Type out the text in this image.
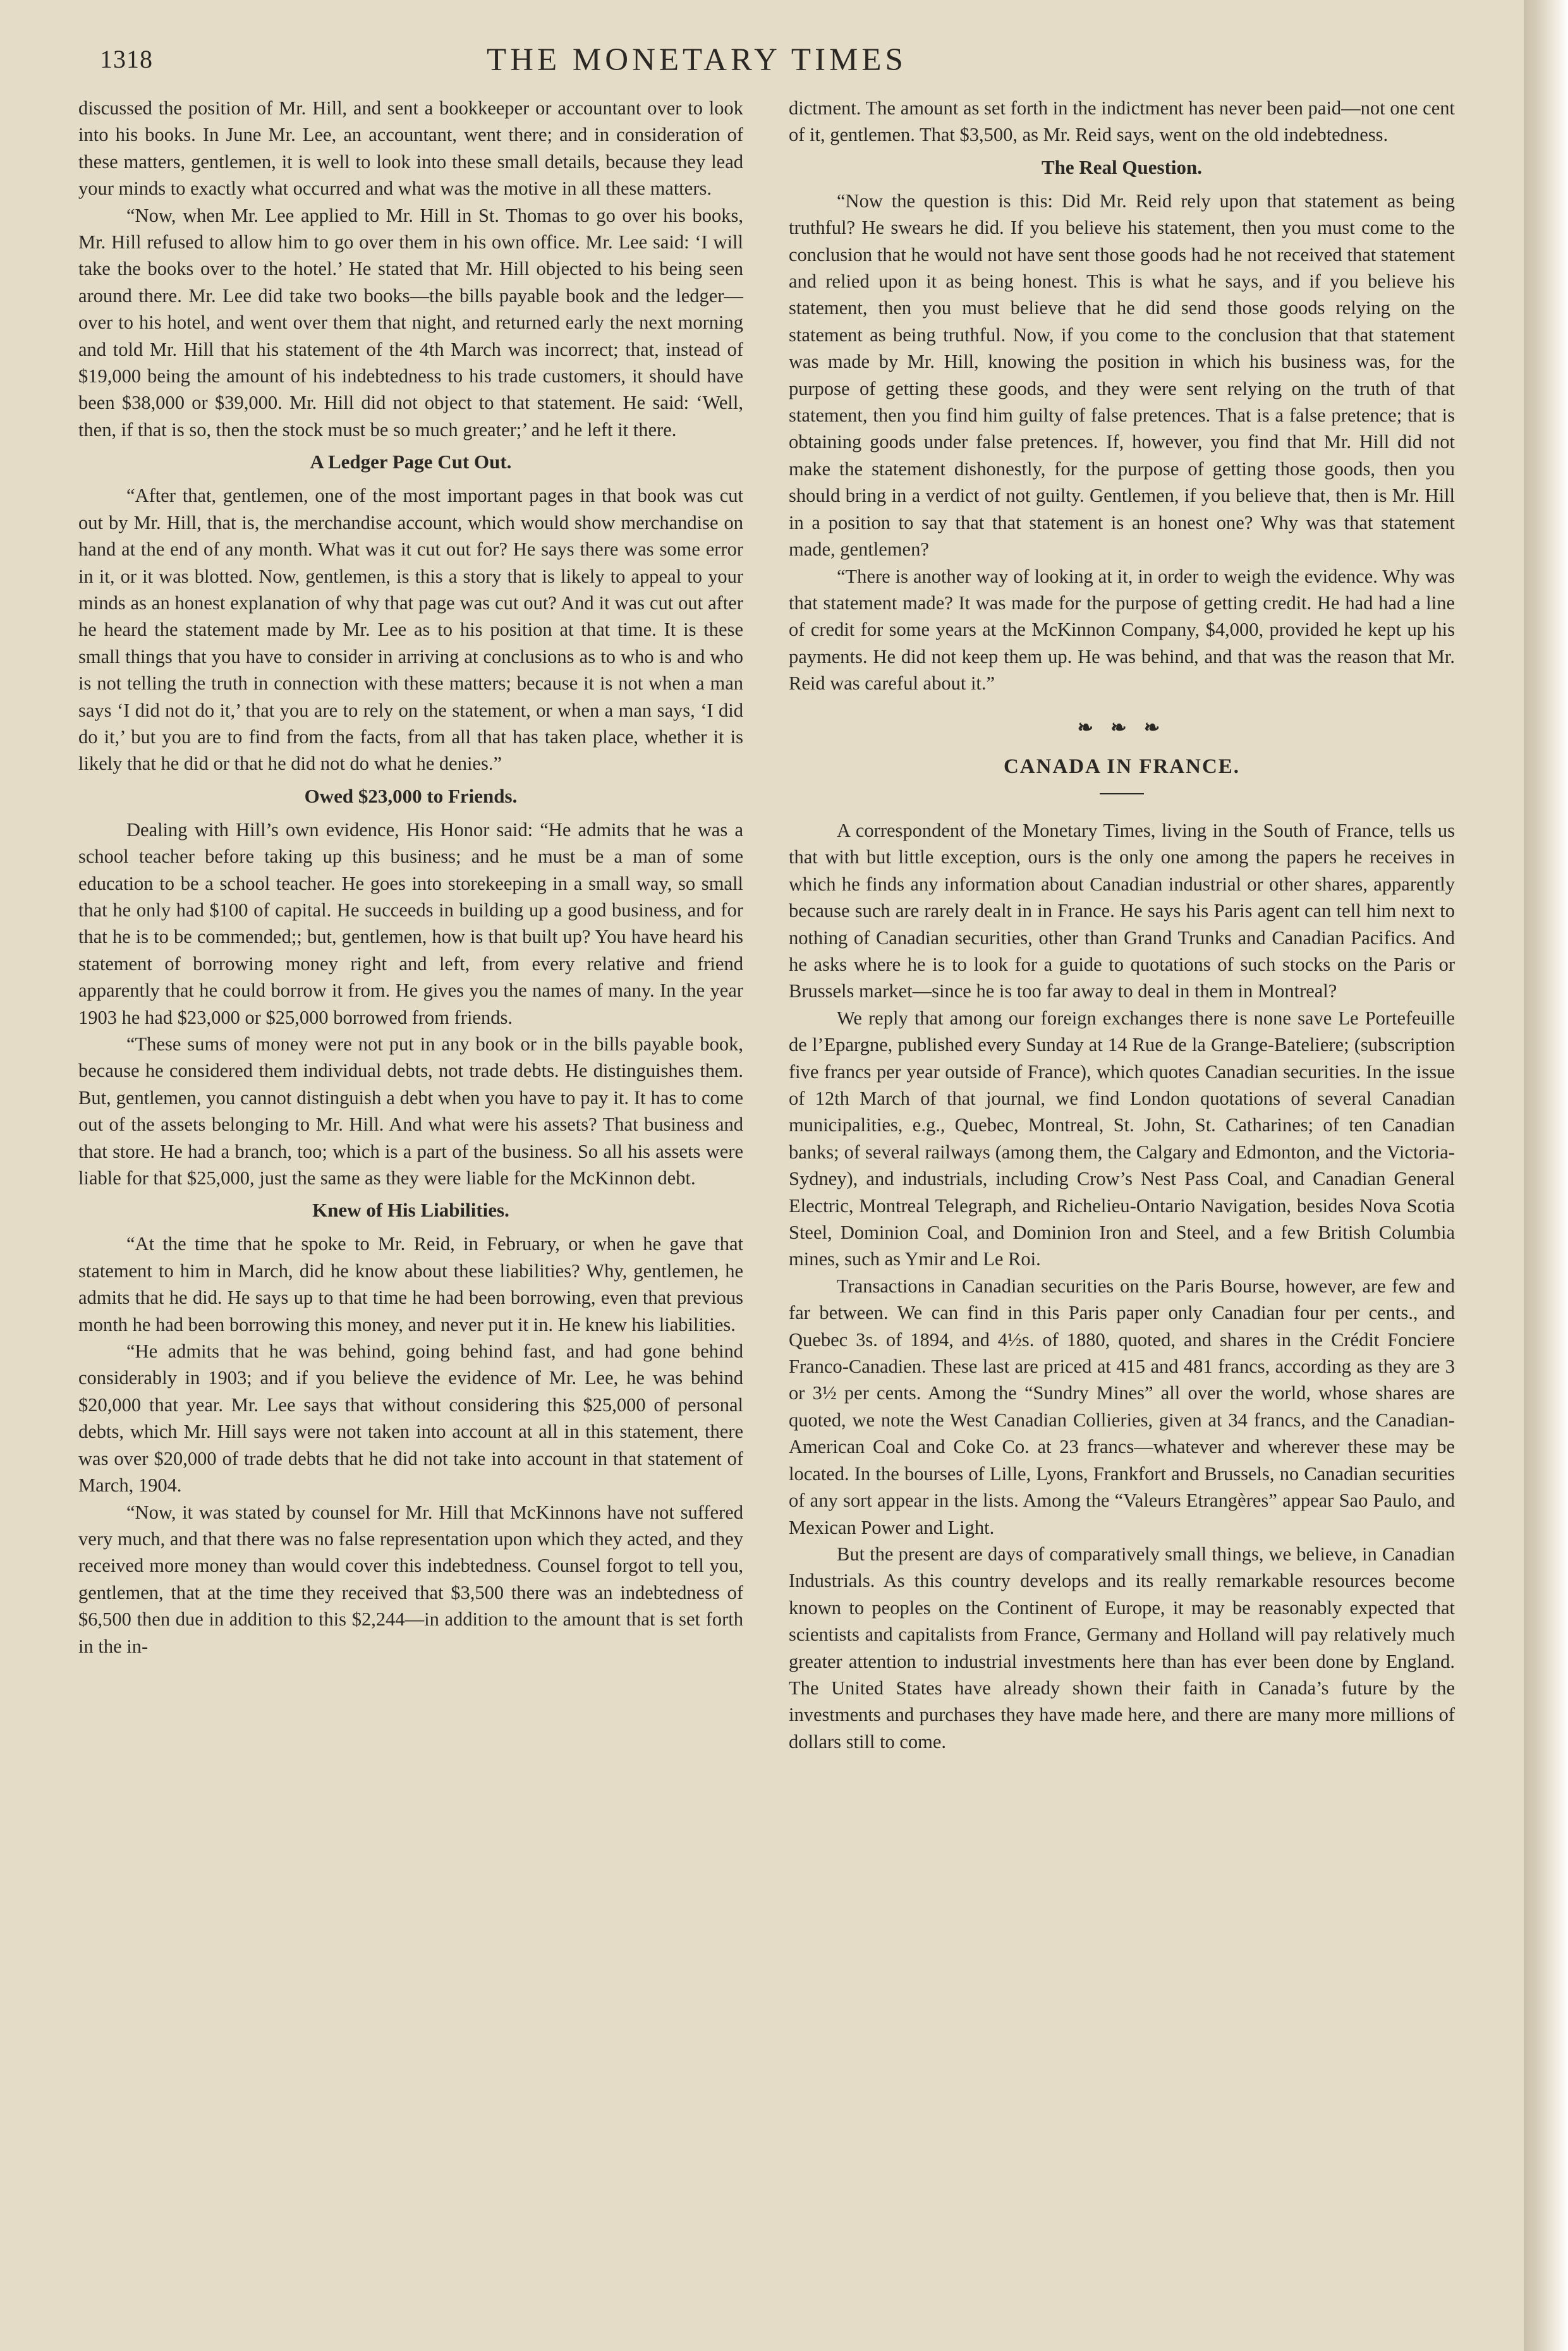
1318	THE MONETARY TIMES

discussed the position of Mr. Hill, and sent a bookkeeper or accountant over to look into his books. In June Mr. Lee, an accountant, went there; and in consideration of these matters, gentlemen, it is well to look into these small details, because they lead your minds to exactly what occurred and what was the motive in all these matters.

“Now, when Mr. Lee applied to Mr. Hill in St. Thomas to go over his books, Mr. Hill refused to allow him to go over them in his own office. Mr. Lee said: ‘I will take the books over to the hotel.’ He stated that Mr. Hill objected to his being seen around there. Mr. Lee did take two books—the bills payable book and the ledger—over to his hotel, and went over them that night, and returned early the next morning and told Mr. Hill that his statement of the 4th March was incorrect; that, instead of $19,000 being the amount of his indebtedness to his trade customers, it should have been $38,000 or $39,000. Mr. Hill did not object to that statement. He said: ‘Well, then, if that is so, then the stock must be so much greater;’ and he left it there.

A Ledger Page Cut Out.

“After that, gentlemen, one of the most important pages in that book was cut out by Mr. Hill, that is, the merchandise account, which would show merchandise on hand at the end of any month. What was it cut out for? He says there was some error in it, or it was blotted. Now, gentlemen, is this a story that is likely to appeal to your minds as an honest explanation of why that page was cut out? And it was cut out after he heard the statement made by Mr. Lee as to his position at that time. It is these small things that you have to consider in arriving at conclusions as to who is and who is not telling the truth in connection with these matters; because it is not when a man says ‘I did not do it,’ that you are to rely on the statement, or when a man says, ‘I did do it,’ but you are to find from the facts, from all that has taken place, whether it is likely that he did or that he did not do what he denies.”

Owed $23,000 to Friends.

Dealing with Hill’s own evidence, His Honor said: “He admits that he was a school teacher before taking up this business; and he must be a man of some education to be a school teacher. He goes into storekeeping in a small way, so small that he only had $100 of capital. He succeeds in building up a good business, and for that he is to be commended;; but, gentlemen, how is that built up? You have heard his statement of borrowing money right and left, from every relative and friend apparently that he could borrow it from. He gives you the names of many. In the year 1903 he had $23,000 or $25,000 borrowed from friends.

“These sums of money were not put in any book or in the bills payable book, because he considered them individual debts, not trade debts. He distinguishes them. But, gentlemen, you cannot distinguish a debt when you have to pay it. It has to come out of the assets belonging to Mr. Hill. And what were his assets? That business and that store. He had a branch, too; which is a part of the business. So all his assets were liable for that $25,000, just the same as they were liable for the McKinnon debt.

Knew of His Liabilities.

“At the time that he spoke to Mr. Reid, in February, or when he gave that statement to him in March, did he know about these liabilities? Why, gentlemen, he admits that he did. He says up to that time he had been borrowing, even that previous month he had been borrowing this money, and never put it in. He knew his liabilities.

“He admits that he was behind, going behind fast, and had gone behind considerably in 1903; and if you believe the evidence of Mr. Lee, he was behind $20,000 that year. Mr. Lee says that without considering this $25,000 of personal debts, which Mr. Hill says were not taken into account at all in this statement, there was over $20,000 of trade debts that he did not take into account in that statement of March, 1904.

“Now, it was stated by counsel for Mr. Hill that McKinnons have not suffered very much, and that there was no false representation upon which they acted, and they received more money than would cover this indebtedness. Counsel forgot to tell you, gentlemen, that at the time they received that $3,500 there was an indebtedness of $6,500 then due in addition to this $2,244—in addition to the amount that is set forth in the in-

dictment. The amount as set forth in the indictment has never been paid—not one cent of it, gentlemen. That $3,500, as Mr. Reid says, went on the old indebtedness.

The Real Question.

“Now the question is this: Did Mr. Reid rely upon that statement as being truthful? He swears he did. If you believe his statement, then you must come to the conclusion that he would not have sent those goods had he not received that statement and relied upon it as being honest. This is what he says, and if you believe his statement, then you must believe that he did send those goods relying on the statement as being truthful. Now, if you come to the conclusion that that statement was made by Mr. Hill, knowing the position in which his business was, for the purpose of getting these goods, and they were sent relying on the truth of that statement, then you find him guilty of false pretences. That is a false pretence; that is obtaining goods under false pretences. If, however, you find that Mr. Hill did not make the statement dishonestly, for the purpose of getting those goods, then you should bring in a verdict of not guilty. Gentlemen, if you believe that, then is Mr. Hill in a position to say that that statement is an honest one? Why was that statement made, gentlemen?

“There is another way of looking at it, in order to weigh the evidence. Why was that statement made? It was made for the purpose of getting credit. He had had a line of credit for some years at the McKinnon Company, $4,000, provided he kept up his payments. He did not keep them up. He was behind, and that was the reason that Mr. Reid was careful about it.”

❧ ❧ ❧
CANADA IN FRANCE.

A correspondent of the Monetary Times, living in the South of France, tells us that with but little exception, ours is the only one among the papers he receives in which he finds any information about Canadian industrial or other shares, apparently because such are rarely dealt in in France. He says his Paris agent can tell him next to nothing of Canadian securities, other than Grand Trunks and Canadian Pacifics. And he asks where he is to look for a guide to quotations of such stocks on the Paris or Brussels market—since he is too far away to deal in them in Montreal?

We reply that among our foreign exchanges there is none save Le Portefeuille de l’Epargne, published every Sunday at 14 Rue de la Grange-Bateliere; (subscription five francs per year outside of France), which quotes Canadian securities. In the issue of 12th March of that journal, we find London quotations of several Canadian municipalities, e.g., Quebec, Montreal, St. John, St. Catharines; of ten Canadian banks; of several railways (among them, the Calgary and Edmonton, and the Victoria-Sydney), and industrials, including Crow’s Nest Pass Coal, and Canadian General Electric, Montreal Telegraph, and Richelieu-Ontario Navigation, besides Nova Scotia Steel, Dominion Coal, and Dominion Iron and Steel, and a few British Columbia mines, such as Ymir and Le Roi.

Transactions in Canadian securities on the Paris Bourse, however, are few and far between. We can find in this Paris paper only Canadian four per cents., and Quebec 3s. of 1894, and 4½s. of 1880, quoted, and shares in the Crédit Fonciere Franco-Canadien. These last are priced at 415 and 481 francs, according as they are 3 or 3½ per cents. Among the “Sundry Mines” all over the world, whose shares are quoted, we note the West Canadian Collieries, given at 34 francs, and the Canadian-American Coal and Coke Co. at 23 francs—whatever and wherever these may be located. In the bourses of Lille, Lyons, Frankfort and Brussels, no Canadian securities of any sort appear in the lists. Among the “Valeurs Etrangères” appear Sao Paulo, and Mexican Power and Light.

But the present are days of comparatively small things, we believe, in Canadian Industrials. As this country develops and its really remarkable resources become known to peoples on the Continent of Europe, it may be reasonably expected that scientists and capitalists from France, Germany and Holland will pay relatively much greater attention to industrial investments here than has ever been done by England. The United States have already shown their faith in Canada’s future by the investments and purchases they have made here, and there are many more millions of dollars still to come.
